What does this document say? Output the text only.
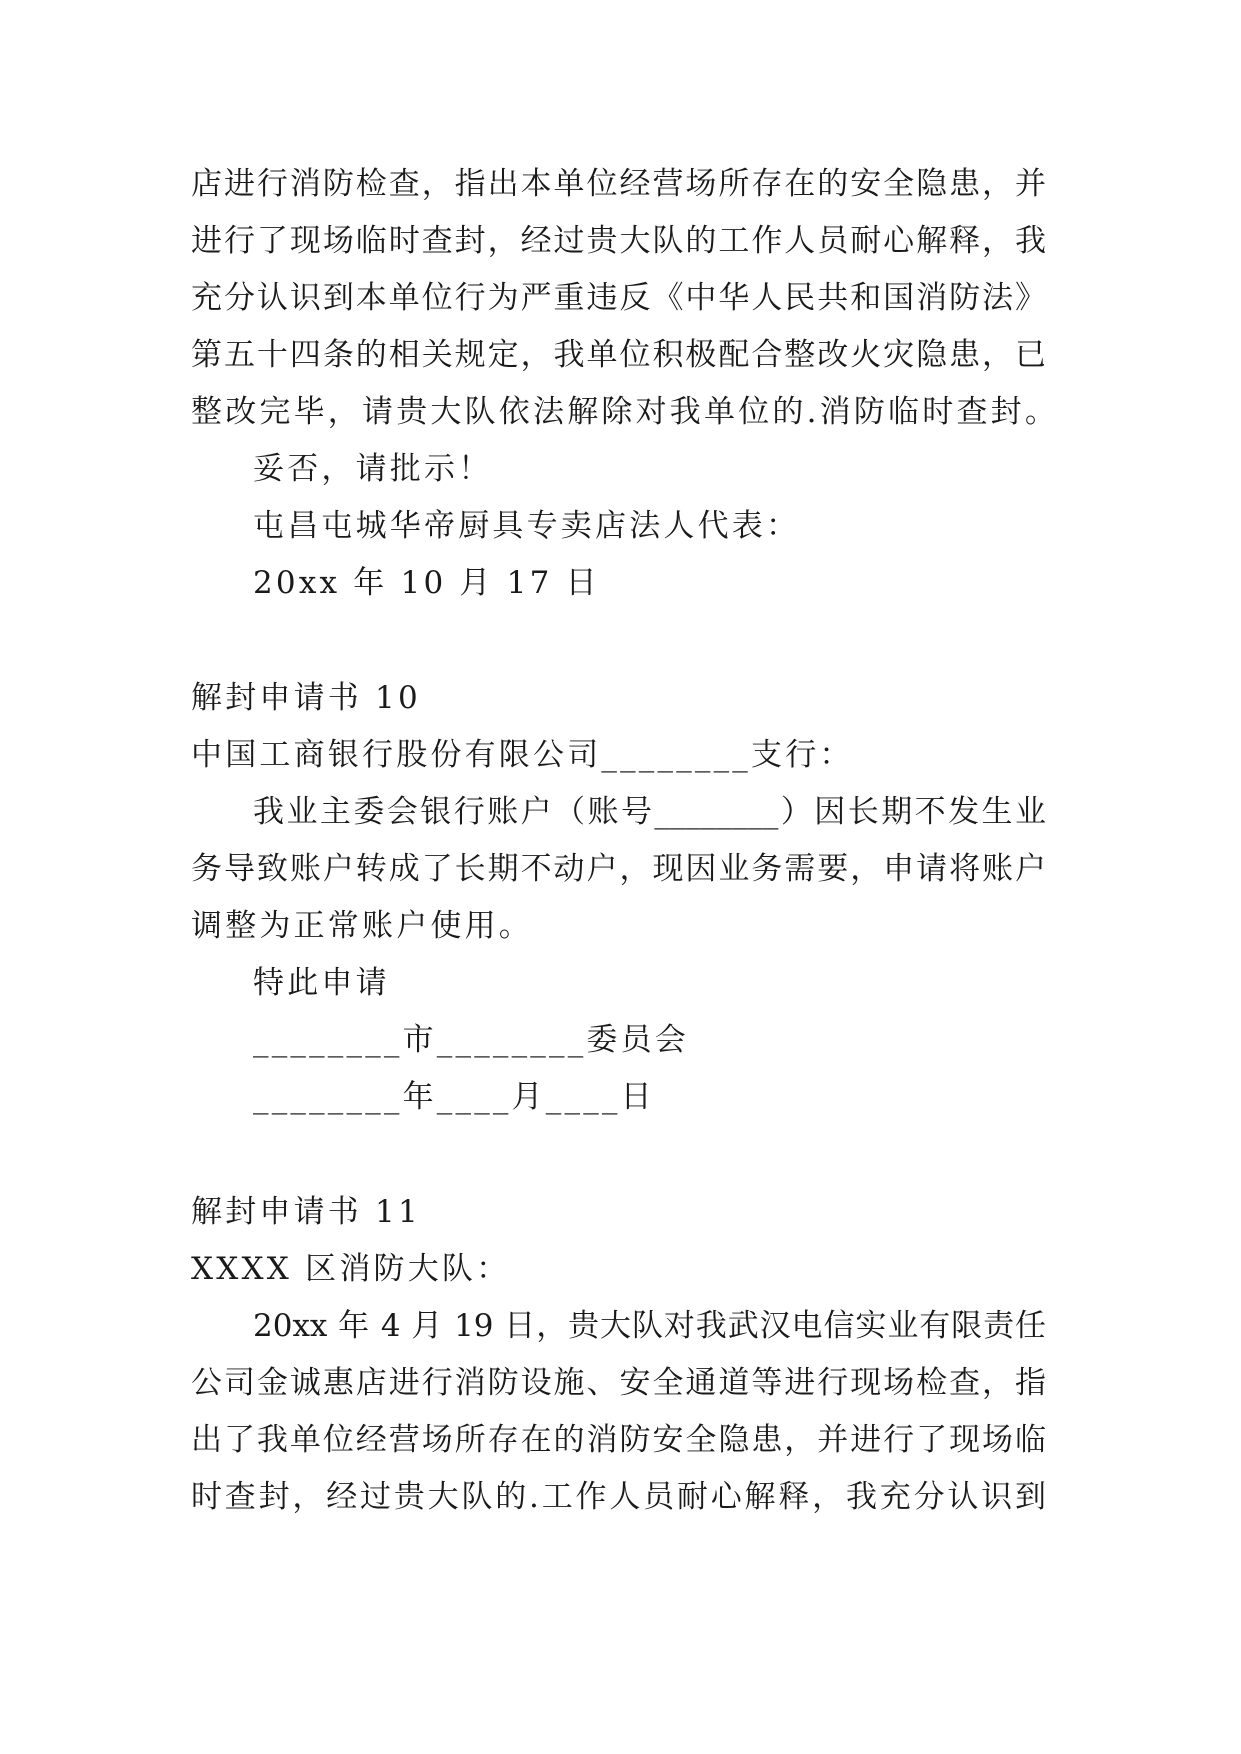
店进行消防检查，指出本单位经营场所存在的安全隐患，并
进行了现场临时查封，经过贵大队的工作人员耐心解释，我
充分认识到本单位行为严重违反《中华人民共和国消防法》
第五十四条的相关规定，我单位积极配合整改火灾隐患，已
整改完毕，请贵大队依法解除对我单位的.消防临时查封。
妥否，请批示！
屯昌屯城华帝厨具专卖店法人代表：
20xx 年 10 月 17 日
解封申请书 10
中国工商银行股份有限公司________支行：
我业主委会银行账户（账号________）因长期不发生业
务导致账户转成了长期不动户，现因业务需要，申请将账户
调整为正常账户使用。
特此申请
________市________委员会
________年____月____日
解封申请书 11
XXXX 区消防大队：
20xx 年 4 月 19 日，贵大队对我武汉电信实业有限责任
公司金诚惠店进行消防设施、安全通道等进行现场检查，指
出了我单位经营场所存在的消防安全隐患，并进行了现场临
时查封，经过贵大队的.工作人员耐心解释，我充分认识到
